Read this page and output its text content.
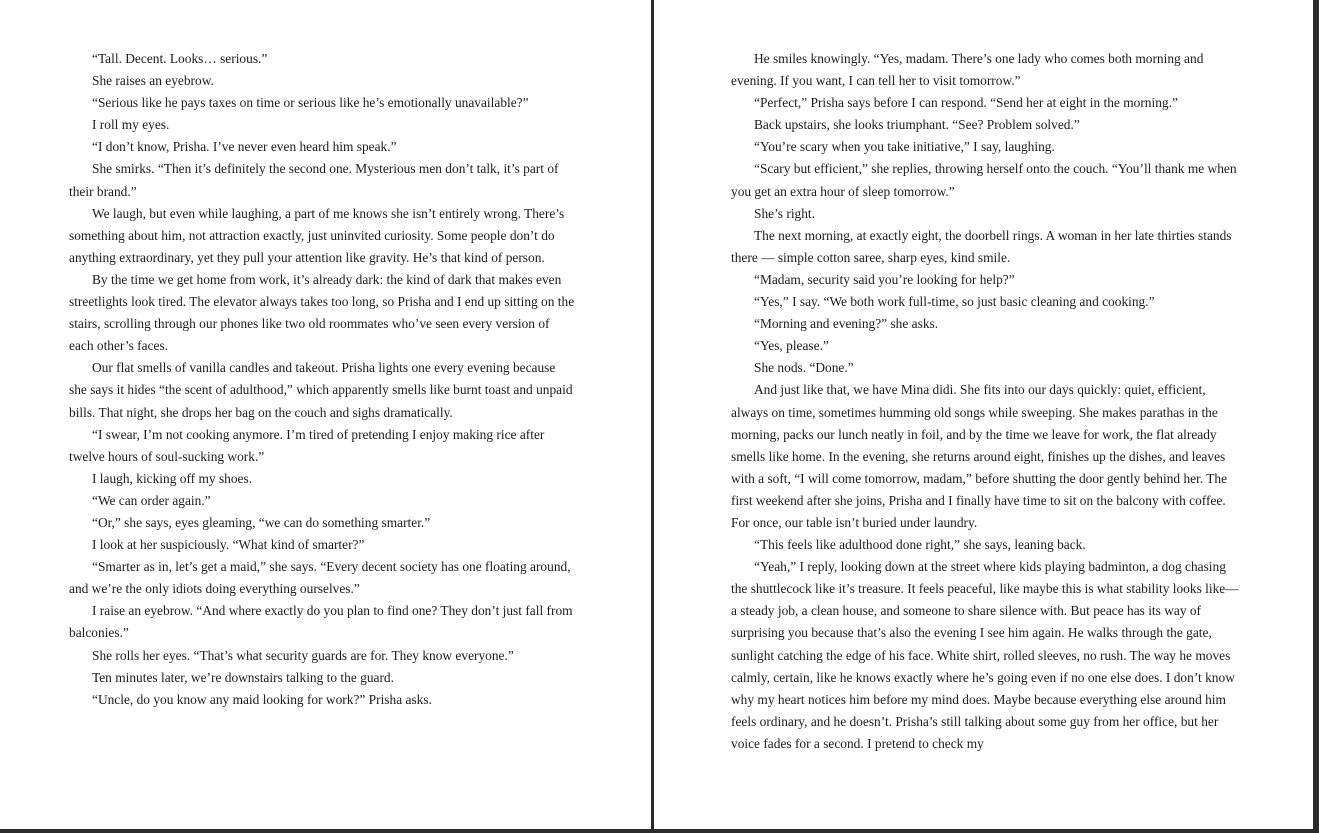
“Tall. Decent. Looks… serious.”

She raises an eyebrow.

“Serious like he pays taxes on time or serious like he’s emotionally unavailable?”

I roll my eyes.

“I don’t know, Prisha. I’ve never even heard him speak.”

She smirks. “Then it’s definitely the second one. Mysterious men don’t talk, it’s part of their brand.”

We laugh, but even while laughing, a part of me knows she isn’t entirely wrong. There’s something about him, not attraction exactly, just uninvited curiosity. Some people don’t do anything extraordinary, yet they pull your attention like gravity. He’s that kind of person.

By the time we get home from work, it’s already dark: the kind of dark that makes even streetlights look tired. The elevator always takes too long, so Prisha and I end up sitting on the stairs, scrolling through our phones like two old roommates who’ve seen every version of each other’s faces.

Our flat smells of vanilla candles and takeout. Prisha lights one every evening because she says it hides “the scent of adulthood,” which apparently smells like burnt toast and unpaid bills. That night, she drops her bag on the couch and sighs dramatically.

“I swear, I’m not cooking anymore. I’m tired of pretending I enjoy making rice after twelve hours of soul-sucking work.”

I laugh, kicking off my shoes.

“We can order again.”

“Or,” she says, eyes gleaming, “we can do something smarter.”

I look at her suspiciously. “What kind of smarter?”

“Smarter as in, let’s get a maid,” she says. “Every decent society has one floating around, and we’re the only idiots doing everything ourselves.”

I raise an eyebrow. “And where exactly do you plan to find one? They don’t just fall from balconies.”

She rolls her eyes. “That’s what security guards are for. They know everyone.”

Ten minutes later, we’re downstairs talking to the guard.

“Uncle, do you know any maid looking for work?” Prisha asks.

He smiles knowingly. “Yes, madam. There’s one lady who comes both morning and evening. If you want, I can tell her to visit tomorrow.”

“Perfect,” Prisha says before I can respond. “Send her at eight in the morning.”

Back upstairs, she looks triumphant. “See? Problem solved.”

“You’re scary when you take initiative,” I say, laughing.

“Scary but efficient,” she replies, throwing herself onto the couch. “You’ll thank me when you get an extra hour of sleep tomorrow.”

She’s right.

The next morning, at exactly eight, the doorbell rings. A woman in her late thirties stands there — simple cotton saree, sharp eyes, kind smile.

“Madam, security said you’re looking for help?”

“Yes,” I say. “We both work full-time, so just basic cleaning and cooking.”

“Morning and evening?” she asks.

“Yes, please.”

She nods. “Done.”

And just like that, we have Mina didi. She fits into our days quickly: quiet, efficient, always on time, sometimes humming old songs while sweeping. She makes parathas in the morning, packs our lunch neatly in foil, and by the time we leave for work, the flat already smells like home. In the evening, she returns around eight, finishes up the dishes, and leaves with a soft, “I will come tomorrow, madam,” before shutting the door gently behind her. The first weekend after she joins, Prisha and I finally have time to sit on the balcony with coffee. For once, our table isn’t buried under laundry.

“This feels like adulthood done right,” she says, leaning back.

“Yeah,” I reply, looking down at the street where kids playing badminton, a dog chasing the shuttlecock like it’s treasure. It feels peaceful, like maybe this is what stability looks like—a steady job, a clean house, and someone to share silence with. But peace has its way of surprising you because that’s also the evening I see him again. He walks through the gate, sunlight catching the edge of his face. White shirt, rolled sleeves, no rush. The way he moves calmly, certain, like he knows exactly where he’s going even if no one else does. I don’t know why my heart notices him before my mind does. Maybe because everything else around him feels ordinary, and he doesn’t. Prisha’s still talking about some guy from her office, but her voice fades for a second. I pretend to check my
